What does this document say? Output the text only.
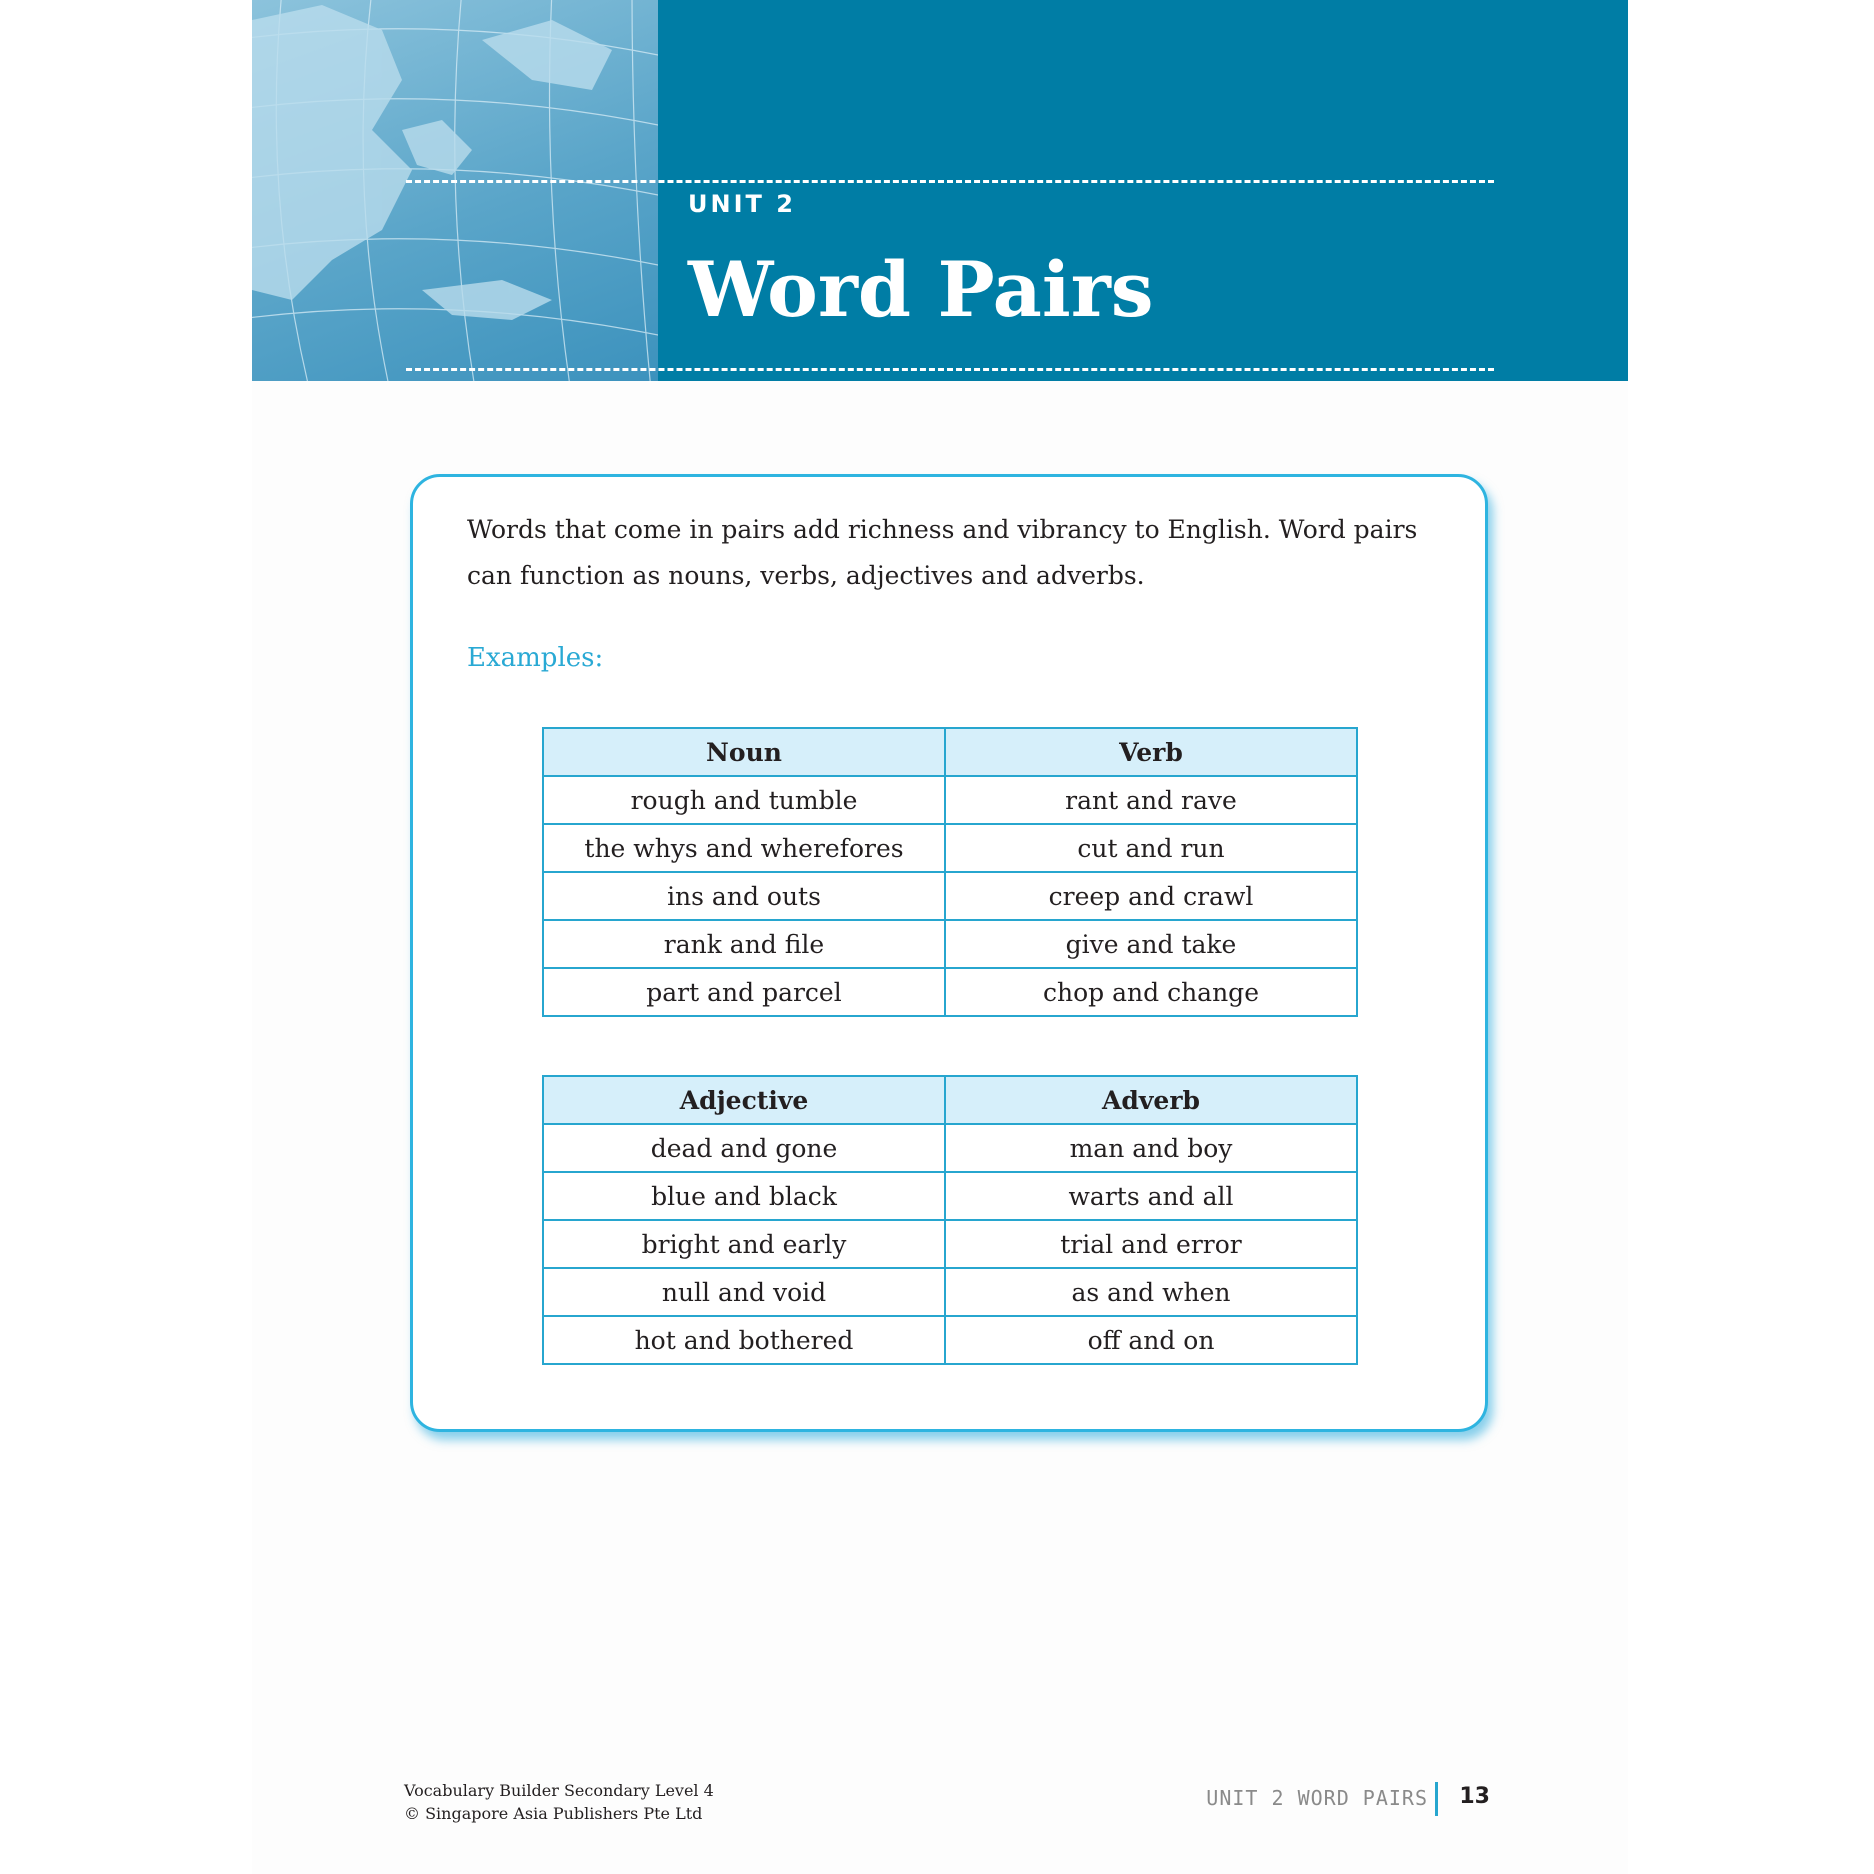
UNIT 2
Word Pairs

Words that come in pairs add richness and vibrancy to English. Word pairs can function as nouns, verbs, adjectives and adverbs.

Examples:
Noun	Verb
rough and tumble	rant and rave
the whys and wherefores	cut and run
ins and outs	creep and crawl
rank and file	give and take
part and parcel	chop and change
Adjective	Adverb
dead and gone	man and boy
blue and black	warts and all
bright and early	trial and error
null and void	as and when
hot and bothered	off and on
Vocabulary Builder Secondary Level 4
© Singapore Asia Publishers Pte Ltd
UNIT 2 WORD PAIRS 13
